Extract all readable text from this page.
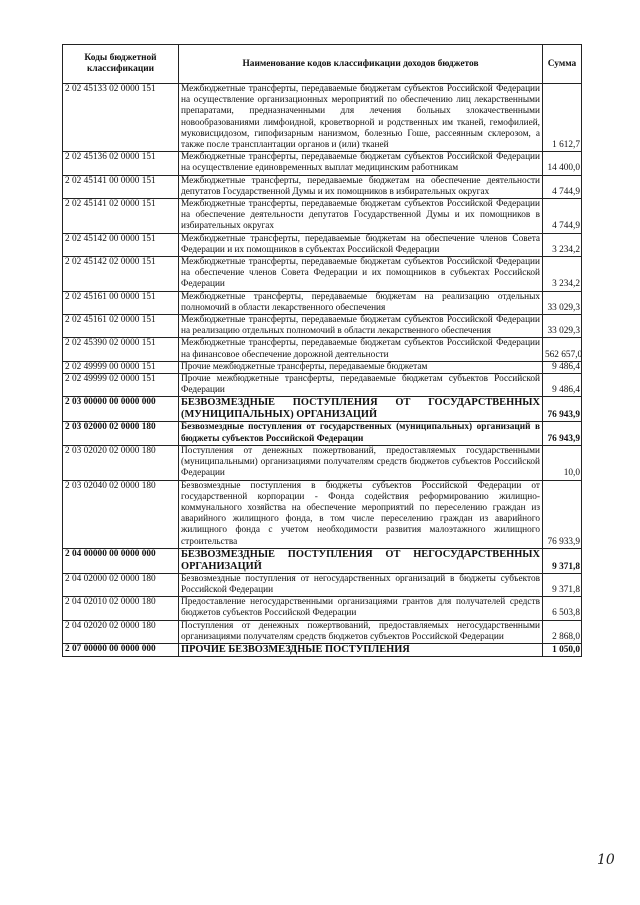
Коды бюджетной классификации	Наименование кодов классификации доходов бюджетов	Сумма
2 02 45133 02 0000 151	Межбюджетные трансферты, передаваемые бюджетам субъектов Российской Федерации на осуществление организационных мероприятий по обеспечению лиц лекарственными препаратами, предназначенными для лечения больных злокачественными новообразованиями лимфоидной, кроветворной и родственных им тканей, гемофилией, муковисцидозом, гипофизарным нанизмом, болезнью Гоше, рассеянным склерозом, а также после трансплантации органов и (или) тканей	1 612,7
2 02 45136 02 0000 151	Межбюджетные трансферты, передаваемые бюджетам субъектов Российской Федерации на осуществление единовременных выплат медицинским работникам	14 400,0
2 02 45141 00 0000 151	Межбюджетные трансферты, передаваемые бюджетам на обеспечение деятельности депутатов Государственной Думы и их помощников в избирательных округах	4 744,9
2 02 45141 02 0000 151	Межбюджетные трансферты, передаваемые бюджетам субъектов Российской Федерации на обеспечение деятельности депутатов Государственной Думы и их помощников в избирательных округах	4 744,9
2 02 45142 00 0000 151	Межбюджетные трансферты, передаваемые бюджетам на обеспечение членов Совета Федерации и их помощников в субъектах Российской Федерации	3 234,2
2 02 45142 02 0000 151	Межбюджетные трансферты, передаваемые бюджетам субъектов Российской Федерации на обеспечение членов Совета Федерации и их помощников в субъектах Российской Федерации	3 234,2
2 02 45161 00 0000 151	Межбюджетные трансферты, передаваемые бюджетам на реализацию отдельных полномочий в области лекарственного обеспечения	33 029,3
2 02 45161 02 0000 151	Межбюджетные трансферты, передаваемые бюджетам субъектов Российской Федерации на реализацию отдельных полномочий в области лекарственного обеспечения	33 029,3
2 02 45390 02 0000 151	Межбюджетные трансферты, передаваемые бюджетам субъектов Российской Федерации на финансовое обеспечение дорожной деятельности	562 657,0
2 02 49999 00 0000 151	Прочие межбюджетные трансферты, передаваемые бюджетам	9 486,4
2 02 49999 02 0000 151	Прочие межбюджетные трансферты, передаваемые бюджетам субъектов Российской Федерации	9 486,4
2 03 00000 00 0000 000	БЕЗВОЗМЕЗДНЫЕ ПОСТУПЛЕНИЯ ОТ ГОСУДАРСТВЕННЫХ (МУНИЦИПАЛЬНЫХ) ОРГАНИЗАЦИЙ	76 943,9
2 03 02000 02 0000 180	Безвозмездные поступления от государственных (муниципальных) организаций в бюджеты субъектов Российской Федерации	76 943,9
2 03 02020 02 0000 180	Поступления от денежных пожертвований, предоставляемых государственными (муниципальными) организациями получателям средств бюджетов субъектов Российской Федерации	10,0
2 03 02040 02 0000 180	Безвозмездные поступления в бюджеты субъектов Российской Федерации от государственной корпорации - Фонда содействия реформированию жилищно-коммунального хозяйства на обеспечение мероприятий по переселению граждан из аварийного жилищного фонда, в том числе переселению граждан из аварийного жилищного фонда с учетом необходимости развития малоэтажного жилищного строительства	76 933,9
2 04 00000 00 0000 000	БЕЗВОЗМЕЗДНЫЕ ПОСТУПЛЕНИЯ ОТ НЕГОСУДАРСТВЕННЫХ ОРГАНИЗАЦИЙ	9 371,8
2 04 02000 02 0000 180	Безвозмездные поступления от негосударственных организаций в бюджеты субъектов Российской Федерации	9 371,8
2 04 02010 02 0000 180	Предоставление негосударственными организациями грантов для получателей средств бюджетов субъектов Российской Федерации	6 503,8
2 04 02020 02 0000 180	Поступления от денежных пожертвований, предоставляемых негосударственными организациями получателям средств бюджетов субъектов Российской Федерации	2 868,0
2 07 00000 00 0000 000	ПРОЧИЕ БЕЗВОЗМЕЗДНЫЕ ПОСТУПЛЕНИЯ	1 050,0
10
